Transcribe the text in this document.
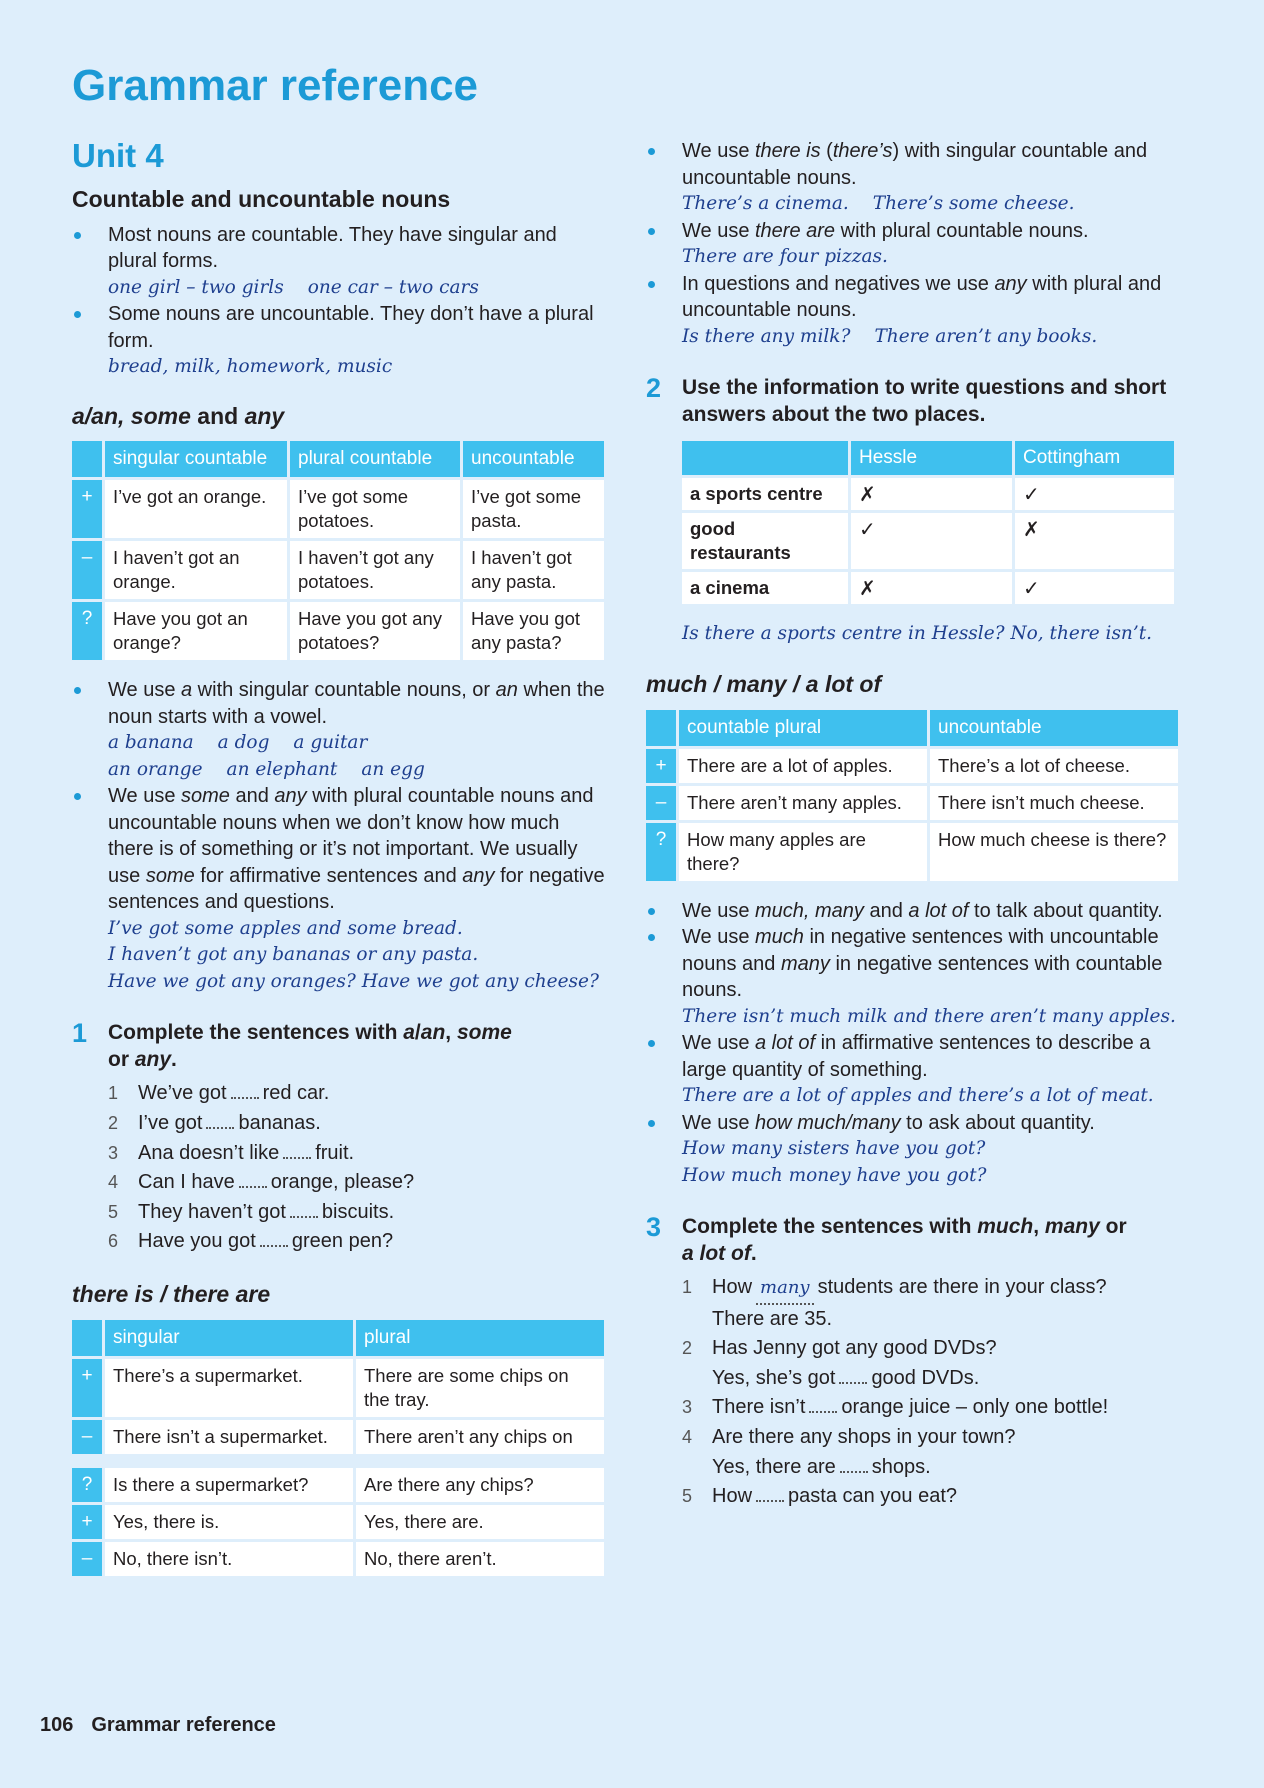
Grammar reference
Unit 4
Countable and uncountable nouns
Most nouns are countable. They have singular and plural forms.
one girl – two girls one car – two cars
Some nouns are uncountable. They don’t have a plural form.
bread, milk, homework, music
a/an, some and any
	singular countable	plural countable	uncountable
+	I’ve got an orange.	I’ve got some potatoes.	I’ve got some pasta.
–	I haven’t got an orange.	I haven’t got any potatoes.	I haven’t got any pasta.
?	Have you got an orange?	Have you got any potatoes?	Have you got any pasta?
We use a with singular countable nouns, or an when the noun starts with a vowel.
a banana a dog a guitar
an orange an elephant an egg
We use some and any with plural countable nouns and uncountable nouns when we don’t know how much there is of something or it’s not important. We usually use some for affirmative sentences and any for negative sentences and questions.
I’ve got some apples and some bread.
I haven’t got any bananas or any pasta.
Have we got any oranges? Have we got any cheese?
1 Complete the sentences with a/an, some
or any.
1 We’ve got red car.
2 I’ve got bananas.
3 Ana doesn’t like fruit.
4 Can I have orange, please?
5 They haven’t got biscuits.
6 Have you got green pen?
there is / there are
	singular	plural
+	There’s a supermarket.	There are some chips on the tray.
–	There isn’t a supermarket.	There aren’t any chips on
?	Is there a supermarket?	Are there any chips?
+	Yes, there is.	Yes, there are.
–	No, there isn’t.	No, there aren’t.
We use there is (there’s) with singular countable and uncountable nouns.
There’s a cinema. There’s some cheese.
We use there are with plural countable nouns.
There are four pizzas.
In questions and negatives we use any with plural and uncountable nouns.
Is there any milk? There aren’t any books.
2 Use the information to write questions and short answers about the two places.
	Hessle	Cottingham
a sports centre	✗	✓
good restaurants	✓	✗
a cinema	✗	✓
Is there a sports centre in Hessle? No, there isn’t.
much / many / a lot of
	countable plural	uncountable
+	There are a lot of apples.	There’s a lot of cheese.
–	There aren’t many apples.	There isn’t much cheese.
?	How many apples are there?	How much cheese is there?
We use much, many and a lot of to talk about quantity.
We use much in negative sentences with uncountable nouns and many in negative sentences with countable nouns.
There isn’t much milk and there aren’t many apples.
We use a lot of in affirmative sentences to describe a large quantity of something.
There are a lot of apples and there’s a lot of meat.
We use how much/many to ask about quantity.
How many sisters have you got?
How much money have you got?
3 Complete the sentences with much, many or
a lot of.
1 How many students are there in your class?
There are 35.
2 Has Jenny got any good DVDs?
Yes, she’s got good DVDs.
3 There isn’t orange juice – only one bottle!
4 Are there any shops in your town?
Yes, there are shops.
5 How pasta can you eat?
106 Grammar reference
